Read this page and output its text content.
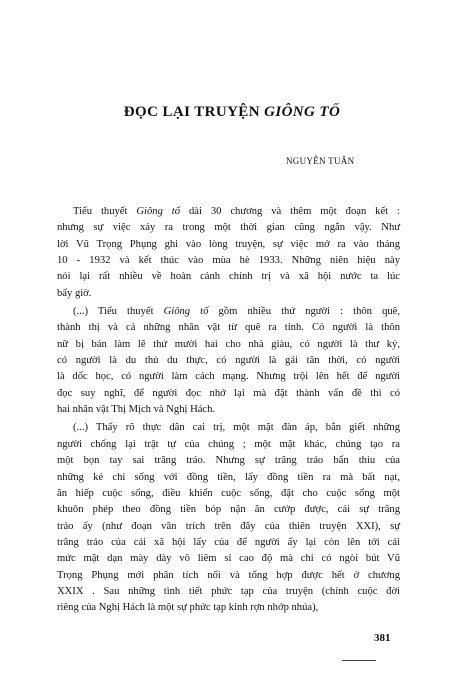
ĐỌC LẠI TRUYỆN GIÔNG TỐ
NGUYỄN TUÂN
Tiểu thuyết Giông tố dài 30 chương và thêm một đoạn kết :
nhưng sự việc xảy ra trong một thời gian cũng ngắn vậy. Như
lời Vũ Trọng Phụng ghi vào lòng truyện, sự việc mở ra vào tháng
10 - 1932 và kết thúc vào mùa hè 1933. Những niên hiệu này
nói lại rất nhiều về hoàn cảnh chính trị và xã hội nước ta lúc
bấy giờ.
(...) Tiểu thuyết Giông tố gồm nhiều thứ người : thôn quê,
thành thị và cả những nhân vật từ quê ra tỉnh. Có người là thôn
nữ bị bán làm lẽ thứ mười hai cho nhà giàu, có người là thư ký,
có người là du thủ du thực, có người là gái tân thời, có người
là dốc học, có người làm cách mạng. Nhưng trội lên hết để người
đọc suy nghĩ, để người đọc nhớ lại mà đặt thành vấn đề thì có
hai nhân vật Thị Mịch và Nghị Hách.
(...) Thấy rõ thực dân cai trị, một mặt đàn áp, bắn giết những
người chống lại trật tự của chúng ; một mặt khác, chúng tạo ra
một bọn tay sai trâng tráo. Nhưng sự trâng tráo bẩn thỉu của
những kẻ chỉ sống với đồng tiền, lấy đồng tiền ra mà bất nạt,
ăn hiếp cuộc sống, điều khiển cuộc sống, đặt cho cuộc sống một
khuôn phép theo đồng tiền bóp nặn ăn cướp được, cái sự trâng
tráo ấy (như đoạn văn trích trên đây của thiên truyện XXI), sự
trâng tráo của cái xã hội lấy của để người ấy lại còn lên tới cái
mức mặt dạn mày dày vô liêm sỉ cao độ mà chỉ có ngòi bút Vũ
Trọng Phụng mới phân tích nổi và tổng hợp được hết ở chương
XXIX . Sau những tình tiết phức tạp của truyện (chính cuộc đời
riêng của Nghị Hách là một sự phức tạp kinh rợn nhớp nhúa),
381
